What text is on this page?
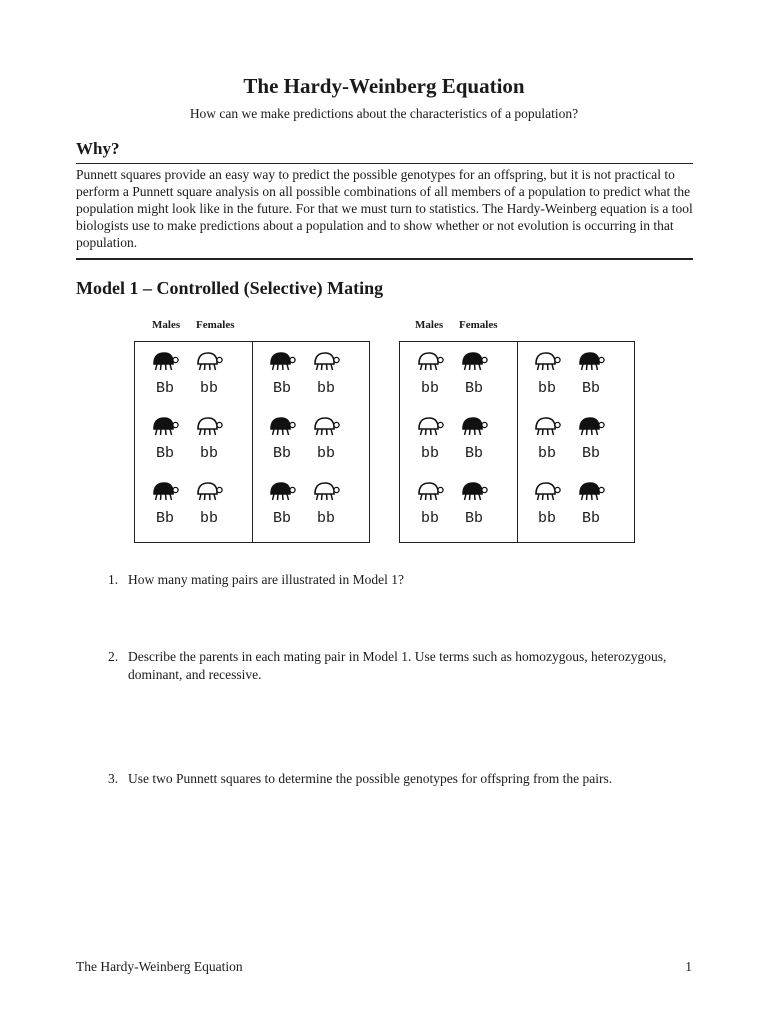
The Hardy-Weinberg Equation
How can we make predictions about the characteristics of a population?
Why?
Punnett squares provide an easy way to predict the possible genotypes for an offspring, but it is not practical to perform a Punnett square analysis on all possible combinations of all members of a population to predict what the population might look like in the future. For that we must turn to statistics. The Hardy-Weinberg equation is a tool biologists use to make predictions about a population and to show whether or not evolution is occurring in that population.
Model 1 – Controlled (Selective) Mating
Males Females	Males Females
Bb	bb
Bb	bb
Bb	bb
Bb	bb
Bb	bb
Bb	bb
bb	Bb
bb	Bb
bb	Bb
bb	Bb
bb	Bb
bb	Bb
1. How many mating pairs are illustrated in Model 1?
2. Describe the parents in each mating pair in Model 1. Use terms such as homozygous, heterozygous, dominant, and recessive.
3. Use two Punnett squares to determine the possible genotypes for offspring from the pairs.
The Hardy-Weinberg Equation	1
